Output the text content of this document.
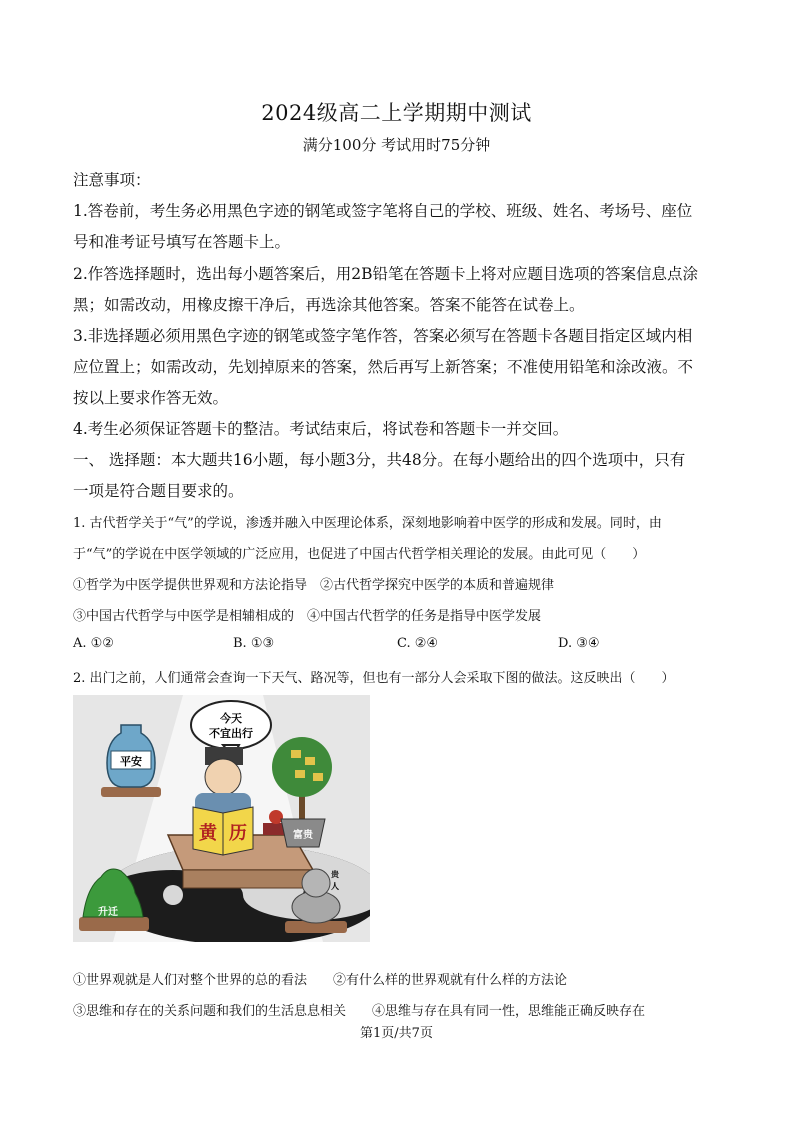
2024级高二上学期期中测试
满分100分 考试用时75分钟
注意事项：
1.答卷前，考生务必用黑色字迹的钢笔或签字笔将自己的学校、班级、姓名、考场号、座位
号和准考证号填写在答题卡上。
2.作答选择题时，选出每小题答案后，用2B铅笔在答题卡上将对应题目选项的答案信息点涂
黑；如需改动，用橡皮擦干净后，再选涂其他答案。答案不能答在试卷上。
3.非选择题必须用黑色字迹的钢笔或签字笔作答，答案必须写在答题卡各题目指定区域内相
应位置上；如需改动，先划掉原来的答案，然后再写上新答案；不准使用铅笔和涂改液。不
按以上要求作答无效。
4.考生必须保证答题卡的整洁。考试结束后，将试卷和答题卡一并交回。
一、 选择题：本大题共16小题，每小题3分，共48分。在每小题给出的四个选项中，只有
一项是符合题目要求的。
1. 古代哲学关于“气”的学说，渗透并融入中医理论体系，深刻地影响着中医学的形成和发展。同时，由
于“气”的学说在中医学领域的广泛应用，也促进了中国古代哲学相关理论的发展。由此可见（　　）
①哲学为中医学提供世界观和方法论指导　②古代哲学探究中医学的本质和普遍规律
③中国古代哲学与中医学是相辅相成的　④中国古代哲学的任务是指导中医学发展
A. ①②	B. ①③	C. ②④	D. ③④
2. 出门之前，人们通常会查询一下天气、路况等，但也有一部分人会采取下图的做法。这反映出（　　）
平安
今天
不宜出行
黄 历	富贵
升迁
贵
人
①世界观就是人们对整个世界的总的看法　　②有什么样的世界观就有什么样的方法论
③思维和存在的关系问题和我们的生活息息相关　　④思维与存在具有同一性，思维能正确反映存在
第1页/共7页
